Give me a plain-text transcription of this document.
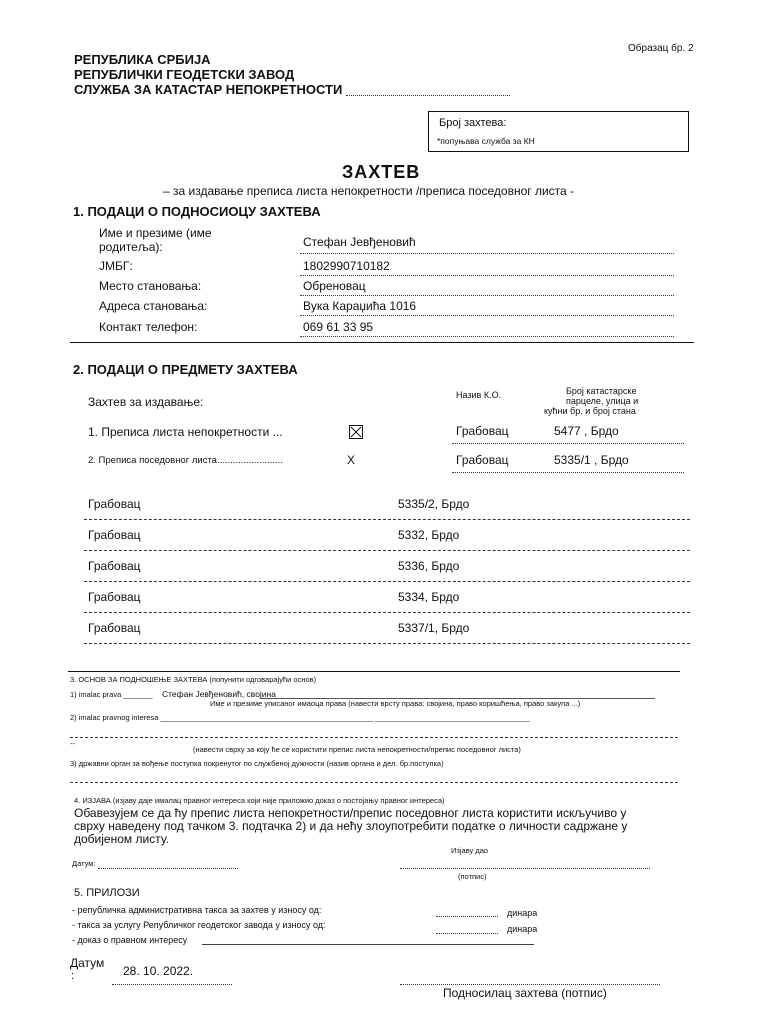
Образац бр. 2
РЕПУБЛИКА СРБИЈА
РЕПУБЛИЧКИ ГЕОДЕТСКИ ЗАВОД
СЛУЖБА ЗА КАТАСТАР НЕПОКРЕТНОСТИ
Број захтева:
*попуњава служба за КН
ЗАХТЕВ
– за издавање преписа листа непокретности /преписа поседовног листа -
1. ПОДАЦИ О ПОДНОСИОЦУ ЗАХТЕВА
Име и презиме (име
родитеља):	Стефан Јевђеновић
ЈМБГ:	1802990710182
Место становања:	Обреновац
Адреса становања:	Вука Караџића 1016
Контакт телефон:	069 61 33 95
2. ПОДАЦИ О ПРЕДМЕТУ ЗАХТЕВА
Назив К.О.	Број катастарске
парцеле, улица и
кућни бр. и број стана
Захтев за издавање:
1. Преписа листа непокретности ...	Грабовац	5477 , Брдо
2. Преписа поседовног листа.........................	X	Грабовац	5335/1 , Брдо
Грабовац	5335/2, Брдо
Грабовац	5332, Брдо
Грабовац	5336, Брдо
Грабовац	5334, Брдо
Грабовац	5337/1, Брдо
3. ОСНОВ ЗА ПОДНОШЕЊЕ ЗАХТЕВА (попунити одговарајући основ)
1) imalac prava _______ Стефан Јевђеновић, својина
Име и презиме уписаног имаоца права (навести врсту права: својина, право коришћења, право закупа ...)
2) imalac pravnog interesa ___________________________________________________ _____________________________________
--
(навести сврху за коју ће се користити препис листа непокретности/препис поседовног листа)
3) државни орган за вођење поступка покренутог по службеној дужности (назив органа и дел. бр.поступка)
4. ИЗЈАВА (изјаву даје ималац правног интереса који није приложио доказ о постојању правног интереса)
Обавезујем се да ћу препис листа непокретности/препис поседовног листа користити искључиво у
сврху наведену под тачком 3. подтачка 2) и да нећу злоупотребити податке о личности садржане у
добијеном листу.
Изјаву дао
Датум:
(потпис)
5. ПРИЛОЗИ
- републичка административна такса за захтев у износу од:	динара
- такса за услугу Републичког геодетског завода у износу од:	динара
- доказ о правном интересу
Датум
:	28. 10. 2022.
Подносилац захтева (потпис)
